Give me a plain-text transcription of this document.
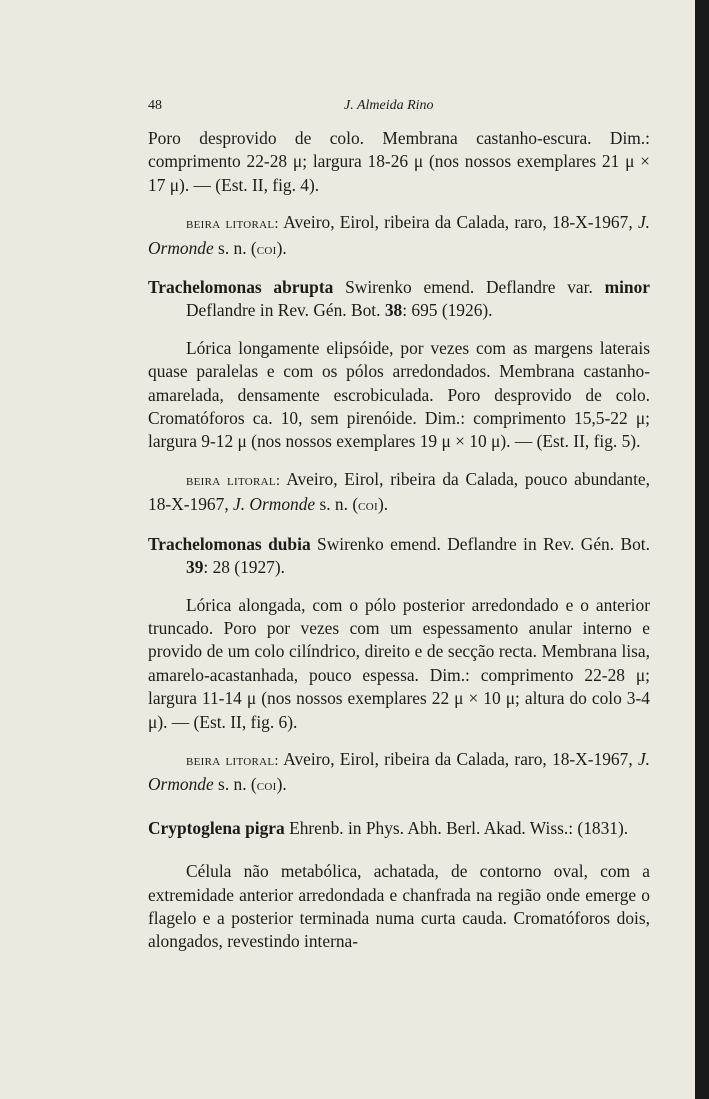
48	J. Almeida Rino

Poro desprovido de colo. Membrana castanho-escura. Dim.: comprimento 22-28 μ; largura 18-26 μ (nos nossos exemplares 21 μ × 17 μ). — (Est. II, fig. 4).

beira litoral: Aveiro, Eirol, ribeira da Calada, raro, 18-X-1967, J. Ormonde s. n. (coi).

Trachelomonas abrupta Swirenko emend. Deflandre var. minor Deflandre in Rev. Gén. Bot. 38: 695 (1926).

Lórica longamente elipsóide, por vezes com as margens laterais quase paralelas e com os pólos arredondados. Membrana castanho-amarelada, densamente escrobiculada. Poro desprovido de colo. Cromatóforos ca. 10, sem pirenóide. Dim.: comprimento 15,5-22 μ; largura 9-12 μ (nos nossos exemplares 19 μ × 10 μ). — (Est. II, fig. 5).

beira litoral: Aveiro, Eirol, ribeira da Calada, pouco abundante, 18-X-1967, J. Ormonde s. n. (coi).

Trachelomonas dubia Swirenko emend. Deflandre in Rev. Gén. Bot. 39: 28 (1927).

Lórica alongada, com o pólo posterior arredondado e o anterior truncado. Poro por vezes com um espessamento anular interno e provido de um colo cilíndrico, direito e de secção recta. Membrana lisa, amarelo-acastanhada, pouco espessa. Dim.: comprimento 22-28 μ; largura 11-14 μ (nos nossos exemplares 22 μ × 10 μ; altura do colo 3-4 μ). — (Est. II, fig. 6).

beira litoral: Aveiro, Eirol, ribeira da Calada, raro, 18-X-1967, J. Ormonde s. n. (coi).

Cryptoglena pigra Ehrenb. in Phys. Abh. Berl. Akad. Wiss.: (1831).

Célula não metabólica, achatada, de contorno oval, com a extremidade anterior arredondada e chanfrada na região onde emerge o flagelo e a posterior terminada numa curta cauda. Cromatóforos dois, alongados, revestindo interna-
